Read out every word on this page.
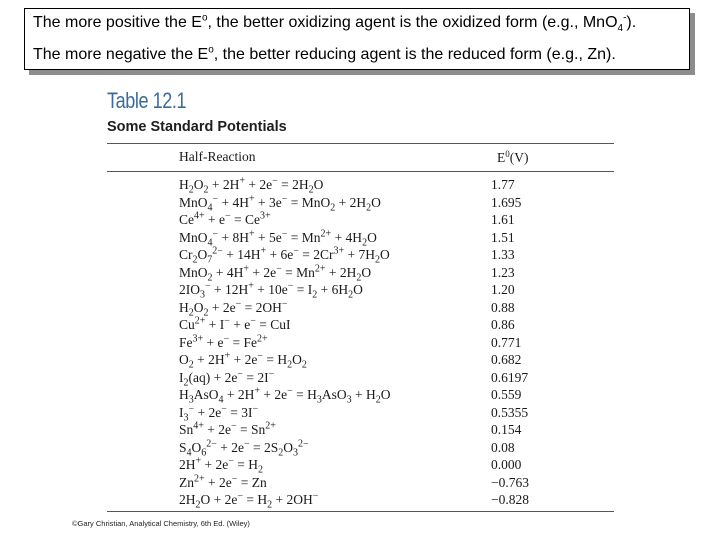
The more positive the $E^o$, the better oxidizing agent is the oxidized form (e.g., MnO$_4$-).
The more negative the $E^o$, the better reducing agent is the reduced form (e.g., Zn).
Table 12.1
Some Standard Potentials
Half-Reaction	$E^0(V)$
$H_2O_2 + 2H^+ + 2e^- = 2H_2O$	1.77
$MnO_4^- + 4H^+ + 3e^- = MnO_2 + 2H_2O$	1.695
$Ce^{4+} + e^- = Ce^{3+}$	1.61
$MnO_4^- + 8H^+ + 5e^- = Mn^{2+} + 4H_2O$	1.51
$Cr_2O_7^{2-} + 14H^+ + 6e^- = 2Cr^{3+} + 7H_2O$	1.33
$MnO_2 + 4H^+ + 2e^- = Mn^{2+} + 2H_2O$	1.23
$2IO_3^- + 12H^+ + 10e^- = I_2 + 6H_2O$	1.20
$H_2O_2 + 2e^- = 2OH^-$	0.88
$Cu^{2+} + I^- + e^-$ = CuI	0.86
$Fe^{3+} + e^- = Fe^{2+}$	0.771
$O_2 + 2H^+ + 2e^- = H_2O_2$	0.682
$I_2(aq) + 2e^- = 2I^-$	0.6197
$H_3AsO_4 + 2H^+ + 2e^- = H_3AsO_3 + H_2O$	0.559
$I_3^- + 2e^- = 3I^-$	0.5355
$Sn^{4+} + 2e^- = Sn^{2+}$	0.154
$S_4O_6^{2-} + 2e^- = 2S_2O_3^{2-}$	0.08
$2H^+ + 2e^- = H_2$	0.000
$Zn^{2+} + 2e^- = Zn$	−0.763
$2H_2O + 2e^- = H_2 + 2OH^-$	−0.828
©Gary Christian, Analytical Chemistry, 6th Ed. (Wiley)
